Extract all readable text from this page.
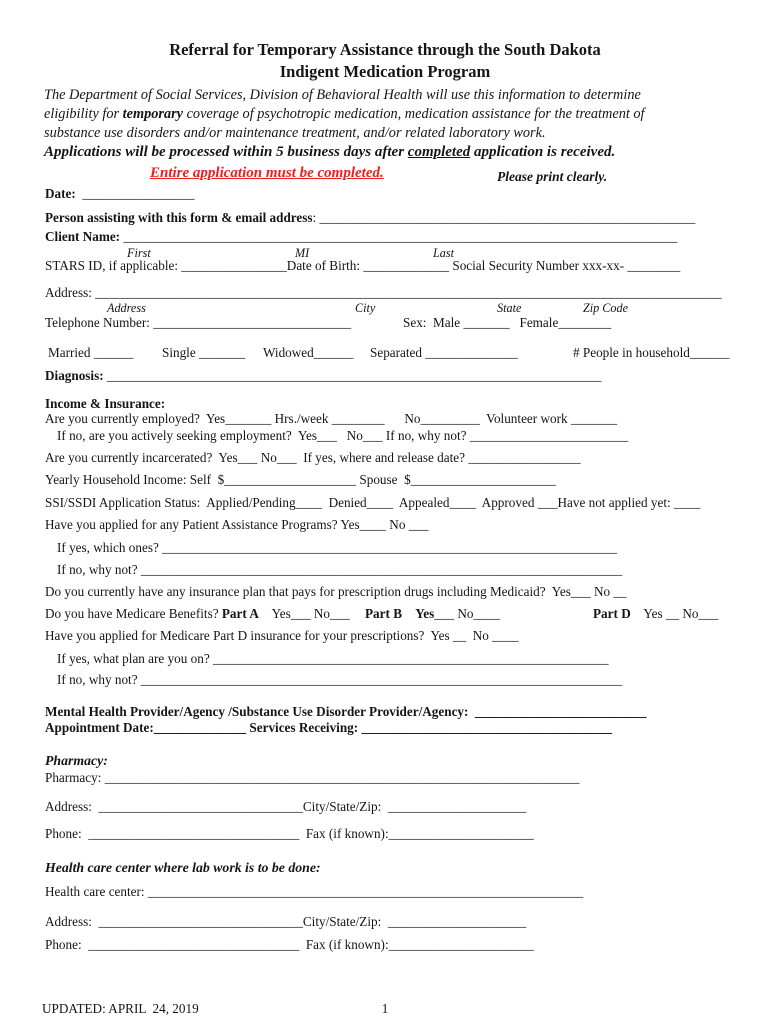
Referral for Temporary Assistance through the South Dakota
Indigent Medication Program
The Department of Social Services, Division of Behavioral Health will use this information to determine
eligibility for temporary coverage of psychotropic medication, medication assistance for the treatment of
substance use disorders and/or maintenance treatment, and/or related laboratory work.
Applications will be processed within 5 business days after completed application is received.
Entire application must be completed.	Please print clearly.
Date:  _________________
Person assisting with this form & email address: _________________________________________________________
Client Name: ____________________________________________________________________________________
First	MI	Last
STARS ID, if applicable: ________________Date of Birth: _____________ Social Security Number xxx-xx- ________
Address: _______________________________________________________________________________________________
Address	City	State	Zip Code
Telephone Number: ______________________________	Sex:  Male _______   Female________
Married ______ Single _______ Widowed______ Separated ______________	# People in household______
Diagnosis: ___________________________________________________________________________
Income & Insurance:
Are you currently employed?  Yes_______ Hrs./week ________      No_________  Volunteer work _______
If no, are you actively seeking employment?  Yes___   No___ If no, why not? ________________________
Are you currently incarcerated?  Yes___ No___  If yes, where and release date? _________________
Yearly Household Income: Self  $____________________ Spouse  $______________________
SSI/SSDI Application Status:  Applied/Pending____  Denied____  Appealed____  Approved ___Have not applied yet: ____
Have you applied for any Patient Assistance Programs? Yes____ No ___
If yes, which ones? _____________________________________________________________________
If no, why not? _________________________________________________________________________
Do you currently have any insurance plan that pays for prescription drugs including Medicaid?  Yes___ No __
Do you have Medicare Benefits? Part A    Yes___ No___ Part B Yes___ No____	Part D    Yes __ No___
Have you applied for Medicare Part D insurance for your prescriptions?  Yes __  No ____
If yes, what plan are you on? ____________________________________________________________
If no, why not? _________________________________________________________________________
Mental Health Provider/Agency /Substance Use Disorder Provider/Agency:  __________________________
Appointment Date:______________ Services Receiving: ______________________________________
Pharmacy:
Pharmacy: ________________________________________________________________________
Address:  _______________________________City/State/Zip:  _____________________
Phone:  ________________________________  Fax (if known):______________________
Health care center where lab work is to be done:
Health care center: __________________________________________________________________
Address:  _______________________________City/State/Zip:  _____________________
Phone:  ________________________________  Fax (if known):______________________
UPDATED: APRIL  24, 2019	1
